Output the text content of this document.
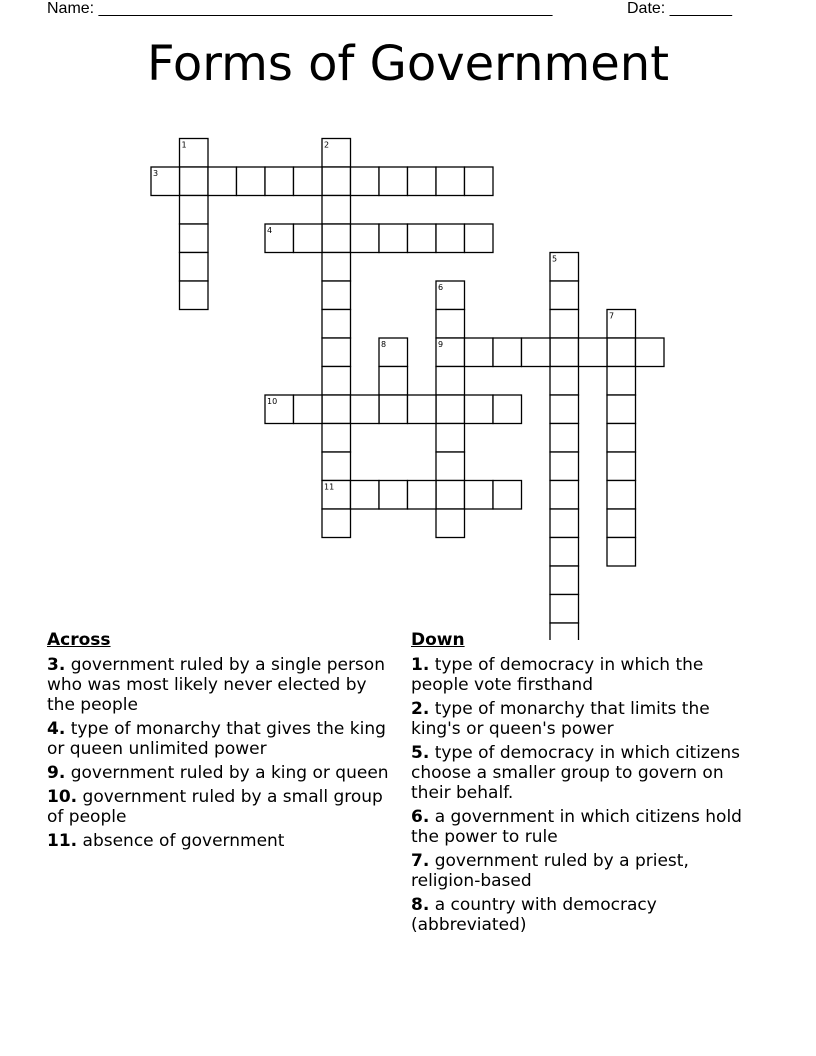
Name: ___________________________________________________	Date: _______
Forms of Government
1	2
3
4
5
6
7
8	9
10
11
Across
3. government ruled by a single person who was most likely never elected by the people
4. type of monarchy that gives the king or queen unlimited power
9. government ruled by a king or queen
10. government ruled by a small group of people
11. absence of government
Down
1. type of democracy in which the people vote firsthand
2. type of monarchy that limits the king's or queen's power
5. type of democracy in which citizens choose a smaller group to govern on their behalf.
6. a government in which citizens hold the power to rule
7. government ruled by a priest, religion-based
8. a country with democracy (abbreviated)
